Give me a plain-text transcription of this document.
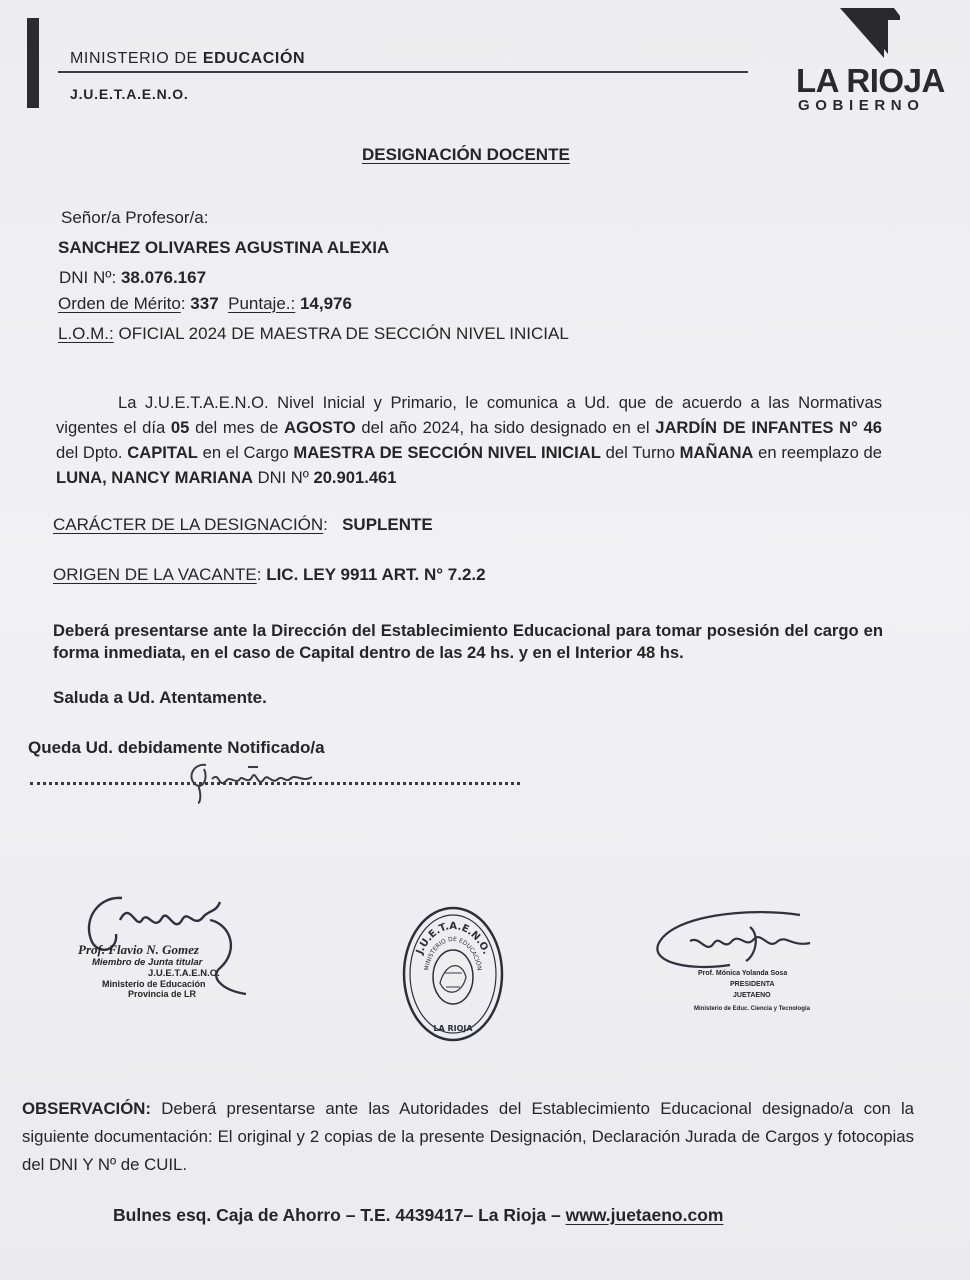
MINISTERIO DE EDUCACIÓN
J.U.E.T.A.E.N.O.	LA RIOJA
GOBIERNO
DESIGNACIÓN DOCENTE
Señor/a Profesor/a:
SANCHEZ OLIVARES AGUSTINA ALEXIA
DNI Nº: 38.076.167
Orden de Mérito: 337 Puntaje.: 14,976
L.O.M.: OFICIAL 2024 DE MAESTRA DE SECCIÓN NIVEL INICIAL
La J.U.E.T.A.E.N.O. Nivel Inicial y Primario, le comunica a Ud. que de acuerdo a las Normativas vigentes el día 05 del mes de AGOSTO del año 2024, ha sido designado en el JARDÍN DE INFANTES N° 46 del Dpto. CAPITAL en el Cargo MAESTRA DE SECCIÓN NIVEL INICIAL del Turno MAÑANA en reemplazo de LUNA, NANCY MARIANA DNI Nº 20.901.461
CARÁCTER DE LA DESIGNACIÓN:   SUPLENTE
ORIGEN DE LA VACANTE: LIC. LEY 9911 ART. N° 7.2.2
Deberá presentarse ante la Dirección del Establecimiento Educacional para tomar posesión del cargo en forma inmediata, en el caso de Capital dentro de las 24 hs. y en el Interior 48 hs.
Saluda a Ud. Atentamente.
Queda Ud. debidamente Notificado/a
Prof. Flavio N. Gomez
Miembro de Junta titular
J.U.E.T.A.E.N.O.
Ministerio de Educación
Provincia de LR
J.U.E.T.A.E.N.O.
MINISTERIO DE EDUCACIÓN
LA RIOJA
Prof. Mónica Yolanda Sosa
PRESIDENTA
JUETAENO
Ministerio de Educ. Ciencia y Tecnología
OBSERVACIÓN: Deberá presentarse ante las Autoridades del Establecimiento Educacional designado/a con la siguiente documentación: El original y 2 copias de la presente Designación, Declaración Jurada de Cargos y fotocopias del DNI Y Nº de CUIL.
Bulnes esq. Caja de Ahorro – T.E. 4439417– La Rioja – www.juetaeno.com
